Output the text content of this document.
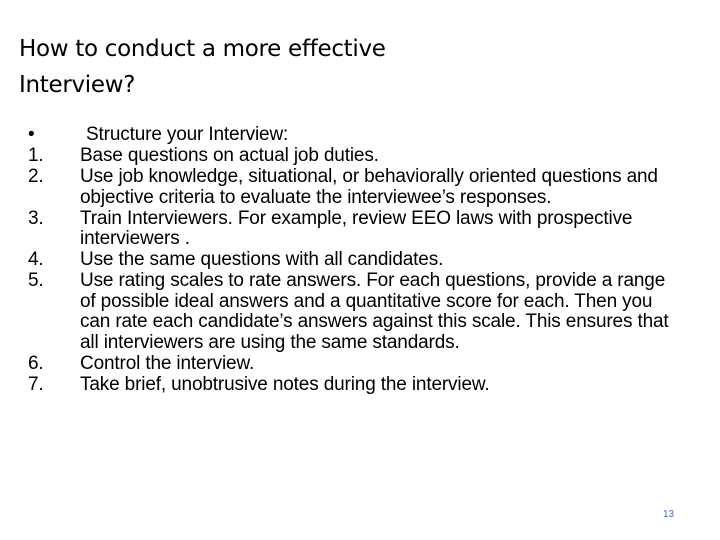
How to conduct a more effective
Interview?
•	Structure your Interview:
1.	Base questions on actual job duties.
2.	Use job knowledge, situational, or behaviorally oriented questions and objective criteria to evaluate the interviewee’s responses.
3.	Train Interviewers. For example, review EEO laws with prospective interviewers .
4.	Use the same questions with all candidates.
5.	Use rating scales to rate answers. For each questions, provide a range of possible ideal answers and a quantitative score for each. Then you can rate each candidate’s answers against this scale. This ensures that all interviewers are using the same standards.
6.	Control the interview.
7.	Take brief, unobtrusive notes during the interview.
13
